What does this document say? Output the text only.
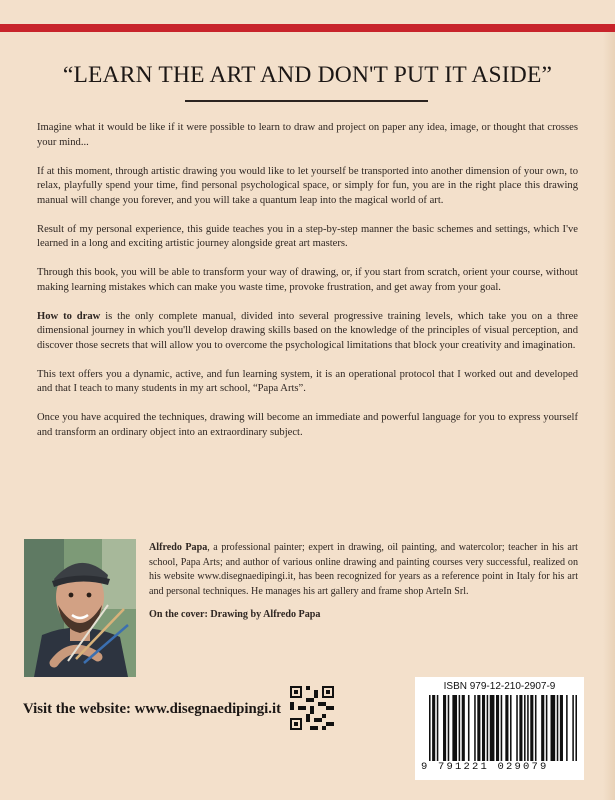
“LEARN THE ART AND DON'T PUT IT ASIDE”

Imagine what it would be like if it were possible to learn to draw and project on paper any idea, image, or thought that crosses your mind...

If at this moment, through artistic drawing you would like to let yourself be transported into another dimension of your own, to relax, playfully spend your time, find personal psychological space, or simply for fun, you are in the right place this drawing manual will change you forever, and you will take a quantum leap into the magical world of art.

Result of my personal experience, this guide teaches you in a step-by-step manner the basic schemes and settings, which I've learned in a long and exciting artistic journey alongside great art masters.

Through this book, you will be able to transform your way of drawing, or, if you start from scratch, orient your course, without making learning mistakes which can make you waste time, provoke frustration, and get away from your goal.

How to draw is the only complete manual, divided into several progressive training levels, which take you on a three dimensional journey in which you'll develop drawing skills based on the knowledge of the principles of visual perception, and discover those secrets that will allow you to overcome the psychological limitations that block your creativity and imagination.

This text offers you a dynamic, active, and fun learning system, it is an operational protocol that I worked out and developed and that I teach to many students in my art school, “Papa Arts”.

Once you have acquired the techniques, drawing will become an immediate and powerful language for you to express yourself and transform an ordinary object into an extraordinary subject.

Alfredo Papa, a professional painter; expert in drawing, oil painting, and watercolor; teacher in his art school, Papa Arts; and author of various online drawing and painting courses very successful, realized on his website www.disegnaedipingi.it, has been recognized for years as a reference point in Italy for his art and personal techniques. He manages his art gallery and frame shop ArteIn Srl.

On the cover: Drawing by Alfredo Papa

Visit the website: www.disegnaedipingi.it
ISBN 979-12-210-2907-9
9 791221 029079
